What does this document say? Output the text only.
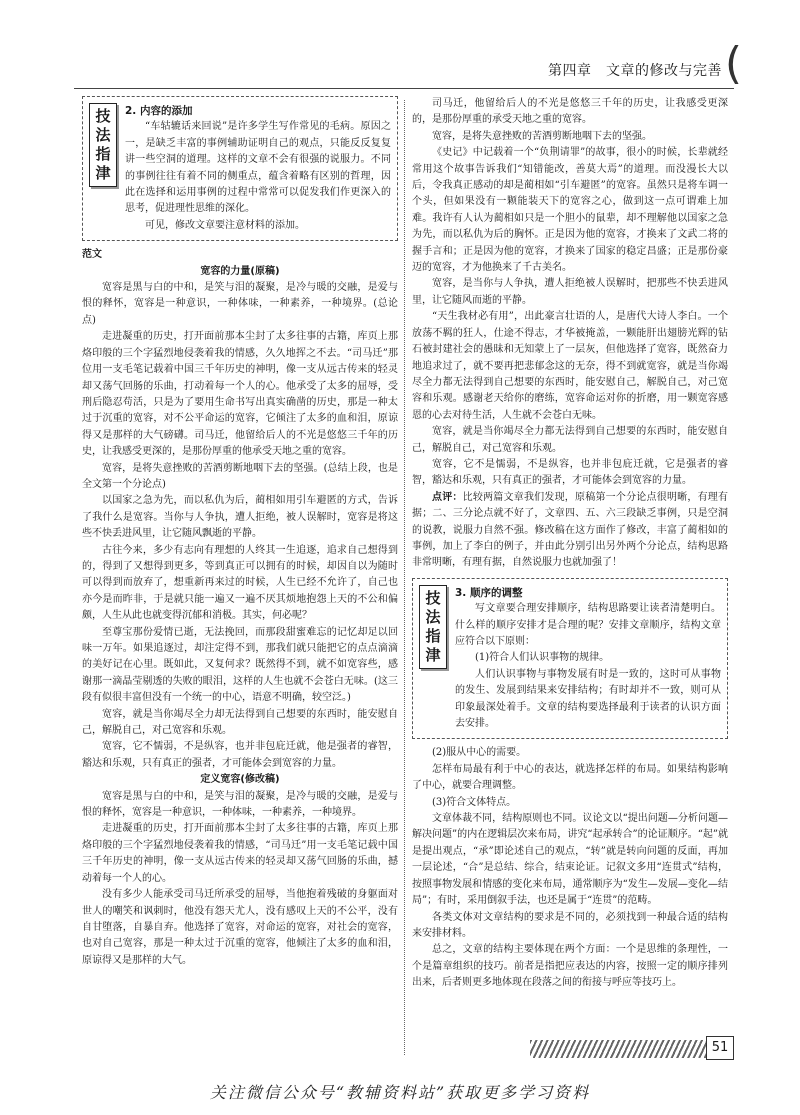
第四章　文章的修改与完善 (
技
法
指
津

2. 内容的添加

“车轱辘话来回说”是许多学生写作常见的毛病。原因之一，是缺乏丰富的事例辅助证明自己的观点，只能反反复复讲一些空洞的道理。这样的文章不会有很强的说服力。不同的事例往往有着不同的侧重点，蕴含着略有区别的哲理，因此在选择和运用事例的过程中常常可以促发我们作更深入的思考，促进理性思维的深化。

可见，修改文章要注意材料的添加。

范文

宽容的力量(原稿)

宽容是黑与白的中和，是笑与泪的凝聚，是冷与暖的交融，是爱与恨的释怀，宽容是一种意识，一种体味，一种素养，一种境界。(总论点)

走进凝重的历史，打开面前那本尘封了太多往事的古籍，库页上那烙印般的三个字猛烈地侵袭着我的情感，久久地挥之不去。“司马迁”那位用一支毛笔记载着中国三千年历史的神明，像一支从远古传来的轻灵却又荡气回肠的乐曲，打动着每一个人的心。他承受了太多的屈辱，受刑后隐忍苟活，只是为了要用生命书写出真实确凿的历史，那是一种太过于沉重的宽容，对不公平命运的宽容，它倾注了太多的血和泪，原谅得又是那样的大气磅礴。司马迁，他留给后人的不光是悠悠三千年的历史，让我感受更深的，是那份厚重的他承受天地之重的宽容。

宽容，是将失意挫败的苦酒剪断地咽下去的坚强。(总结上段，也是全文第一个分论点)

以国家之急为先，而以私仇为后，蔺相如用引车避匿的方式，告诉了我什么是宽容。当你与人争执，遭人拒绝，被人误解时，宽容是将这些不快丢进风里，让它随风飘逝的平静。

古往今来，多少有志向有理想的人终其一生追逐，追求自己想得到的，得到了又想得到更多，等到真正可以拥有的时候，却因自以为随时可以得到而放弃了，想重新再来过的时候，人生已经不允许了，自己也亦今是而昨非，于是就只能一遍又一遍不厌其烦地抱怨上天的不公和偏颇，人生从此也就变得沉郁和消极。其实，何必呢？

至尊宝那份爱情已逝，无法挽回，而那段甜蜜难忘的记忆却足以回味一万年。如果追逐过，却注定得不到，那我们就只能把它的点点滴滴的美好记在心里。既如此，又复何求？既然得不到，就不如宽容些，感谢那一滴晶莹剔透的失败的眼泪，这样的人生也就不会苍白无味。(这三段有似很丰富但没有一个统一的中心，语意不明确，较空泛。)

宽容，就是当你竭尽全力却无法得到自己想要的东西时，能安慰自己，解脱自己，对己宽容和乐观。

宽容，它不懦弱，不是纵容，也并非包庇迁就，他是强者的睿智，豁达和乐观，只有真正的强者，才可能体会到宽容的力量。

定义宽容(修改稿)

宽容是黑与白的中和，是笑与泪的凝聚，是冷与暖的交融，是爱与恨的释怀，宽容是一种意识，一种体味，一种素养，一种境界。

走进凝重的历史，打开面前那本尘封了太多往事的古籍，库页上那烙印般的三个字猛烈地侵袭着我的情感，“司马迁”用一支毛笔记载中国三千年历史的神明，像一支从远古传来的轻灵却又荡气回肠的乐曲，撼动着每一个人的心。

没有多少人能承受司马迁所承受的屈辱，当他抱着残破的身躯面对世人的嘲笑和讽刺时，他没有怨天尤人，没有感叹上天的不公平，没有自甘堕落，自暴自弃。他选择了宽容，对命运的宽容，对社会的宽容，也对自己宽容，那是一种太过于沉重的宽容，他倾注了太多的血和泪，原谅得又是那样的大气。

司马迁，他留给后人的不光是悠悠三千年的历史，让我感受更深的，是那份厚重的承受天地之重的宽容。

宽容，是将失意挫败的苦酒剪断地咽下去的坚强。

《史记》中记载着一个“负荆请罪”的故事，很小的时候，长辈就经常用这个故事告诉我们“知错能改，善莫大焉”的道理。而没漫长大以后，令我真正感动的却是蔺相如“引车避匿”的宽容。虽然只是将车调一个头，但如果没有一颗能装天下的宽容之心，做到这一点可谓难上加难。我许有人认为蔺相如只是一个胆小的鼠辈，却不理解他以国家之急为先，而以私仇为后的胸怀。正是因为他的宽容，才换来了文武二将的握手言和；正是因为他的宽容，才换来了国家的稳定昌盛；正是那份豪迈的宽容，才为他换来了千古美名。

宽容，是当你与人争执，遭人拒绝被人误解时，把那些不快丢进风里，让它随风而逝的平静。

“天生我材必有用”，出此豪言壮语的人，是唐代大诗人李白。一个放荡不羁的狂人，仕途不得志，才华被掩盖，一颗能肝出翅膀光辉的钻石被封建社会的愚昧和无知蒙上了一层灰，但他选择了宽容，既然奋力地追求过了，就不要再把悲郁念这的无奈，得不到就宽容，就是当你竭尽全力都无法得到自己想要的东西时，能安慰自己，解脱自己，对己宽容和乐观。感谢老天给你的磨练，宽容命运对你的折磨，用一颗宽容感恩的心去对待生活，人生就不会苍白无味。

宽容，就是当你竭尽全力都无法得到自己想要的东西时，能安慰自己，解脱自己，对己宽容和乐观。

宽容，它不是懦弱，不是纵容，也并非包庇迁就，它是强者的睿智，豁达和乐观，只有真正的强者，才可能体会到宽容的力量。

点评：比较两篇文章我们发现，原稿第一个分论点很明晰，有理有据；二、三分论点就不好了，文章四、五、六三段缺乏事例，只是空洞的说教，说服力自然不强。修改稿在这方面作了修改，丰富了蔺相如的事例，加上了李白的例子，并由此分别引出另外两个分论点，结构思路非常明晰，有理有据，自然说服力也就加强了！

技
法
指
津

3. 顺序的调整

写文章要合理安排顺序，结构思路要让读者清楚明白。什么样的顺序安排才是合理的呢？安排文章顺序，结构文章应符合以下原则：

(1)符合人们认识事物的规律。

人们认识事物与事物发展有时是一致的，这时可从事物的发生、发展到结果来安排结构；有时却并不一致，则可从印象最深处着手。文章的结构要选择最利于读者的认识方面去安排。

(2)服从中心的需要。

怎样布局最有利于中心的表达，就选择怎样的布局。如果结构影响了中心，就要合理调整。

(3)符合文体特点。

文章体裁不同，结构原则也不同。议论文以“提出问题—分析问题—解决问题”的内在逻辑层次来布局，讲究“起承转合”的论证顺序。“起”就是提出观点，“承”即论述自己的观点，“转”就是转向问题的反面，再加一层论述，“合”是总结、综合，结束论证。记叙文多用“连贯式”结构，按照事物发展和情感的变化来布局，通常顺序为“发生—发展—变化—结局”；有时，采用倒叙手法，也还是属于“连贯”的范畴。

各类文体对文章结构的要求是不同的，必须找到一种最合适的结构来安排材料。

总之，文章的结构主要体现在两个方面：一个是思维的条理性，一个是篇章组织的技巧。前者是指把应表达的内容，按照一定的顺序排列出来，后者则更多地体现在段落之间的衔接与呼应等技巧上。

51
关注微信公众号“教辅资料站”获取更多学习资料
